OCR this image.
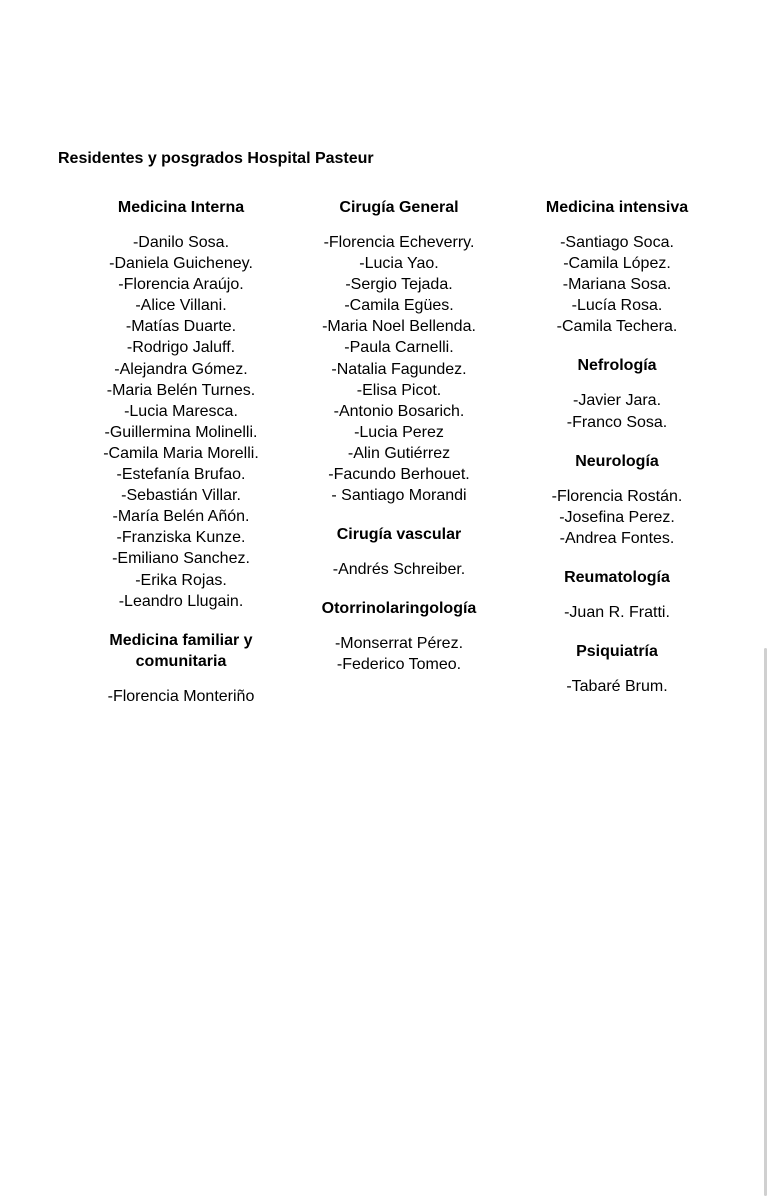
Residentes y posgrados Hospital Pasteur
Medicina Interna
-Danilo Sosa.
-Daniela Guicheney.
-Florencia Araújo.
-Alice Villani.
-Matías Duarte.
-Rodrigo Jaluff.
-Alejandra Gómez.
-Maria Belén Turnes.
-Lucia Maresca.
-Guillermina Molinelli.
-Camila Maria Morelli.
-Estefanía Brufao.
-Sebastián Villar.
-María Belén Añón.
-Franziska Kunze.
-Emiliano Sanchez.
-Erika Rojas.
-Leandro Llugain.
Medicina familiar y comunitaria
-Florencia Monteriño
Cirugía General
-Florencia Echeverry.
-Lucia Yao.
-Sergio Tejada.
-Camila Egües.
-Maria Noel Bellenda.
-Paula Carnelli.
-Natalia Fagundez.
-Elisa Picot.
-Antonio Bosarich.
-Lucia Perez
-Alin Gutiérrez
-Facundo Berhouet.
- Santiago Morandi
Cirugía vascular
-Andrés Schreiber.
Otorrinolaringología
-Monserrat Pérez.
-Federico Tomeo.
Medicina intensiva
-Santiago Soca.
-Camila López.
-Mariana Sosa.
-Lucía Rosa.
-Camila Techera.
Nefrología
-Javier Jara.
-Franco Sosa.
Neurología
-Florencia Rostán.
-Josefina Perez.
-Andrea Fontes.
Reumatología
-Juan R. Fratti.
Psiquiatría
-Tabaré Brum.
